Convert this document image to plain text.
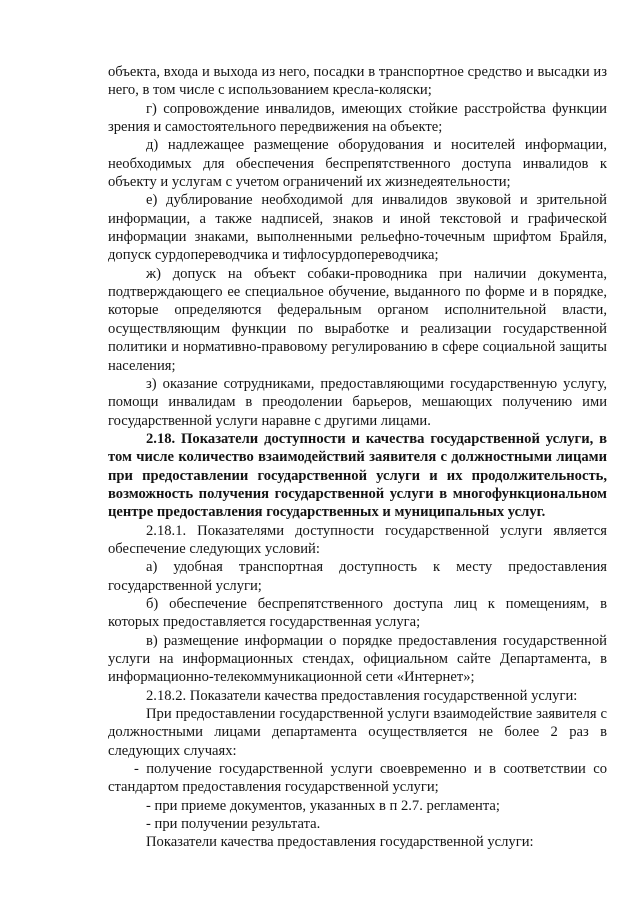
объекта, входа и выхода из него, посадки в транспортное средство и высадки из него, в том числе с использованием кресла-коляски;

г) сопровождение инвалидов, имеющих стойкие расстройства функции зрения и самостоятельного передвижения на объекте;

д) надлежащее размещение оборудования и носителей информации, необходимых для обеспечения беспрепятственного доступа инвалидов к объекту и услугам с учетом ограничений их жизнедеятельности;

е) дублирование необходимой для инвалидов звуковой и зрительной информации, а также надписей, знаков и иной текстовой и графической информации знаками, выполненными рельефно-точечным шрифтом Брайля, допуск сурдопереводчика и тифлосурдопереводчика;

ж) допуск на объект собаки-проводника при наличии документа, подтверждающего ее специальное обучение, выданного по форме и в порядке, которые определяются федеральным органом исполнительной власти, осуществляющим функции по выработке и реализации государственной политики и нормативно-правовому регулированию в сфере социальной защиты населения;

з) оказание сотрудниками, предоставляющими государственную услугу, помощи инвалидам в преодолении барьеров, мешающих получению ими государственной услуги наравне с другими лицами.

2.18. Показатели доступности и качества государственной услуги, в том числе количество взаимодействий заявителя с должностными лицами при предоставлении государственной услуги и их продолжительность, возможность получения государственной услуги в многофункциональном центре предоставления государственных и муниципальных услуг.

2.18.1. Показателями доступности государственной услуги является обеспечение следующих условий:

а) удобная транспортная доступность к месту предоставления государственной услуги;

б) обеспечение беспрепятственного доступа лиц к помещениям, в которых предоставляется государственная услуга;

в) размещение информации о порядке предоставления государственной услуги на информационных стендах, официальном сайте Департамента, в информационно-телекоммуникационной сети «Интернет»;

2.18.2. Показатели качества предоставления государственной услуги:

При предоставлении государственной услуги взаимодействие заявителя с должностными лицами департамента осуществляется не более 2 раз в следующих случаях:

- получение государственной услуги своевременно и в соответствии со стандартом предоставления государственной услуги;

- при приеме документов, указанных в п 2.7. регламента;

- при получении результата.

Показатели качества предоставления государственной услуги:
